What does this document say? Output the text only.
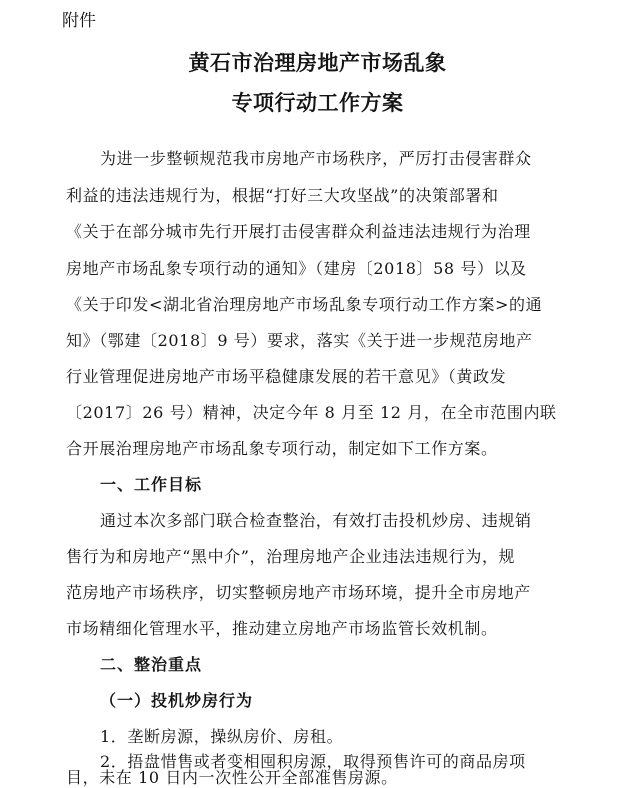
附件
黄石市治理房地产市场乱象
专项行动工作方案
为进一步整顿规范我市房地产市场秩序，严厉打击侵害群众
利益的违法违规行为，根据“打好三大攻坚战”的决策部署和
《关于在部分城市先行开展打击侵害群众利益违法违规行为治理
房地产市场乱象专项行动的通知》（建房〔2018〕58 号）以及
《关于印发<湖北省治理房地产市场乱象专项行动工作方案>的通
知》（鄂建〔2018〕9 号）要求，落实《关于进一步规范房地产
行业管理促进房地产市场平稳健康发展的若干意见》（黄政发
〔2017〕26 号）精神，决定今年 8 月至 12 月，在全市范围内联
合开展治理房地产市场乱象专项行动，制定如下工作方案。
一、工作目标
通过本次多部门联合检查整治，有效打击投机炒房、违规销
售行为和房地产“黑中介”，治理房地产企业违法违规行为，规
范房地产市场秩序，切实整顿房地产市场环境，提升全市房地产
市场精细化管理水平，推动建立房地产市场监管长效机制。
二、整治重点
（一）投机炒房行为
1．垄断房源，操纵房价、房租。
2．捂盘惜售或者变相囤积房源，取得预售许可的商品房项
目，未在 10 日内一次性公开全部准售房源。
